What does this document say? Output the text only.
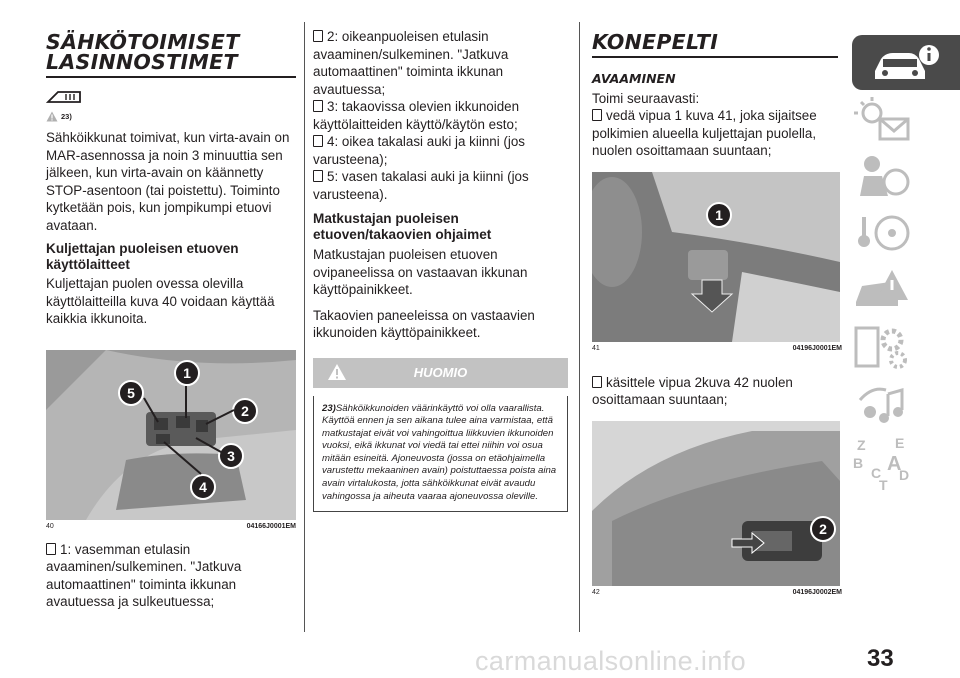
SÄHKÖTOIMISET
LASINNOSTIMET
23)

Sähköikkunat toimivat, kun virta-avain on MAR-asennossa ja noin 3 minuuttia sen jälkeen, kun virta-avain on käännetty STOP-asentoon (tai poistettu). Toiminto kytketään pois, kun jompikumpi etuovi avataan.

Kuljettajan puoleisen etuoven käyttölaitteet

Kuljettajan puolen ovessa olevilla käyttölaitteilla kuva 40 voidaan käyttää kaikkia ikkunoita.

1
2
3
4
5
40	04166J0001EM

1: vasemman etulasin avaaminen/sulkeminen. "Jatkuva automaattinen" toiminta ikkunan avautuessa ja sulkeutuessa;

2: oikeanpuoleisen etulasin avaaminen/sulkeminen. "Jatkuva automaattinen" toiminta ikkunan avautuessa;

3: takaovissa olevien ikkunoiden käyttölaitteiden käyttö/käytön esto;

4: oikea takalasi auki ja kiinni (jos varusteena);

5: vasen takalasi auki ja kiinni (jos varusteena).

Matkustajan puoleisen etuoven/takaovien ohjaimet

Matkustajan puoleisen etuoven ovipaneelissa on vastaavan ikkunan käyttöpainikkeet.

Takaovien paneeleissa on vastaavien ikkunoiden käyttöpainikkeet.

HUOMIO
23)Sähköikkunoiden väärinkäyttö voi olla vaarallista. Käyttöä ennen ja sen aikana tulee aina varmistaa, että matkustajat eivät voi vahingoittua liikkuvien ikkunoiden vuoksi, eikä ikkunat voi viedä tai ettei niihin voi osua mitään esineitä. Ajoneuvosta (jossa on etäohjaimella varustettu mekaaninen avain) poistuttaessa poista aina avain virtalukosta, jotta sähköikkunat eivät avaudu vahingossa ja aiheuta vaaraa ajoneuvossa oleville.
KONEPELTI
AVAAMINEN

Toimi seuraavasti:

vedä vipua 1 kuva 41, joka sijaitsee polkimien alueella kuljettajan puolella, nuolen osoittamaan suuntaan;

1
41	04196J0001EM

käsittele vipua 2kuva 42 nuolen osoittamaan suuntaan;

2
42	04196J0002EM
Z E
B A
C D
T
carmanualsonline.info	33
